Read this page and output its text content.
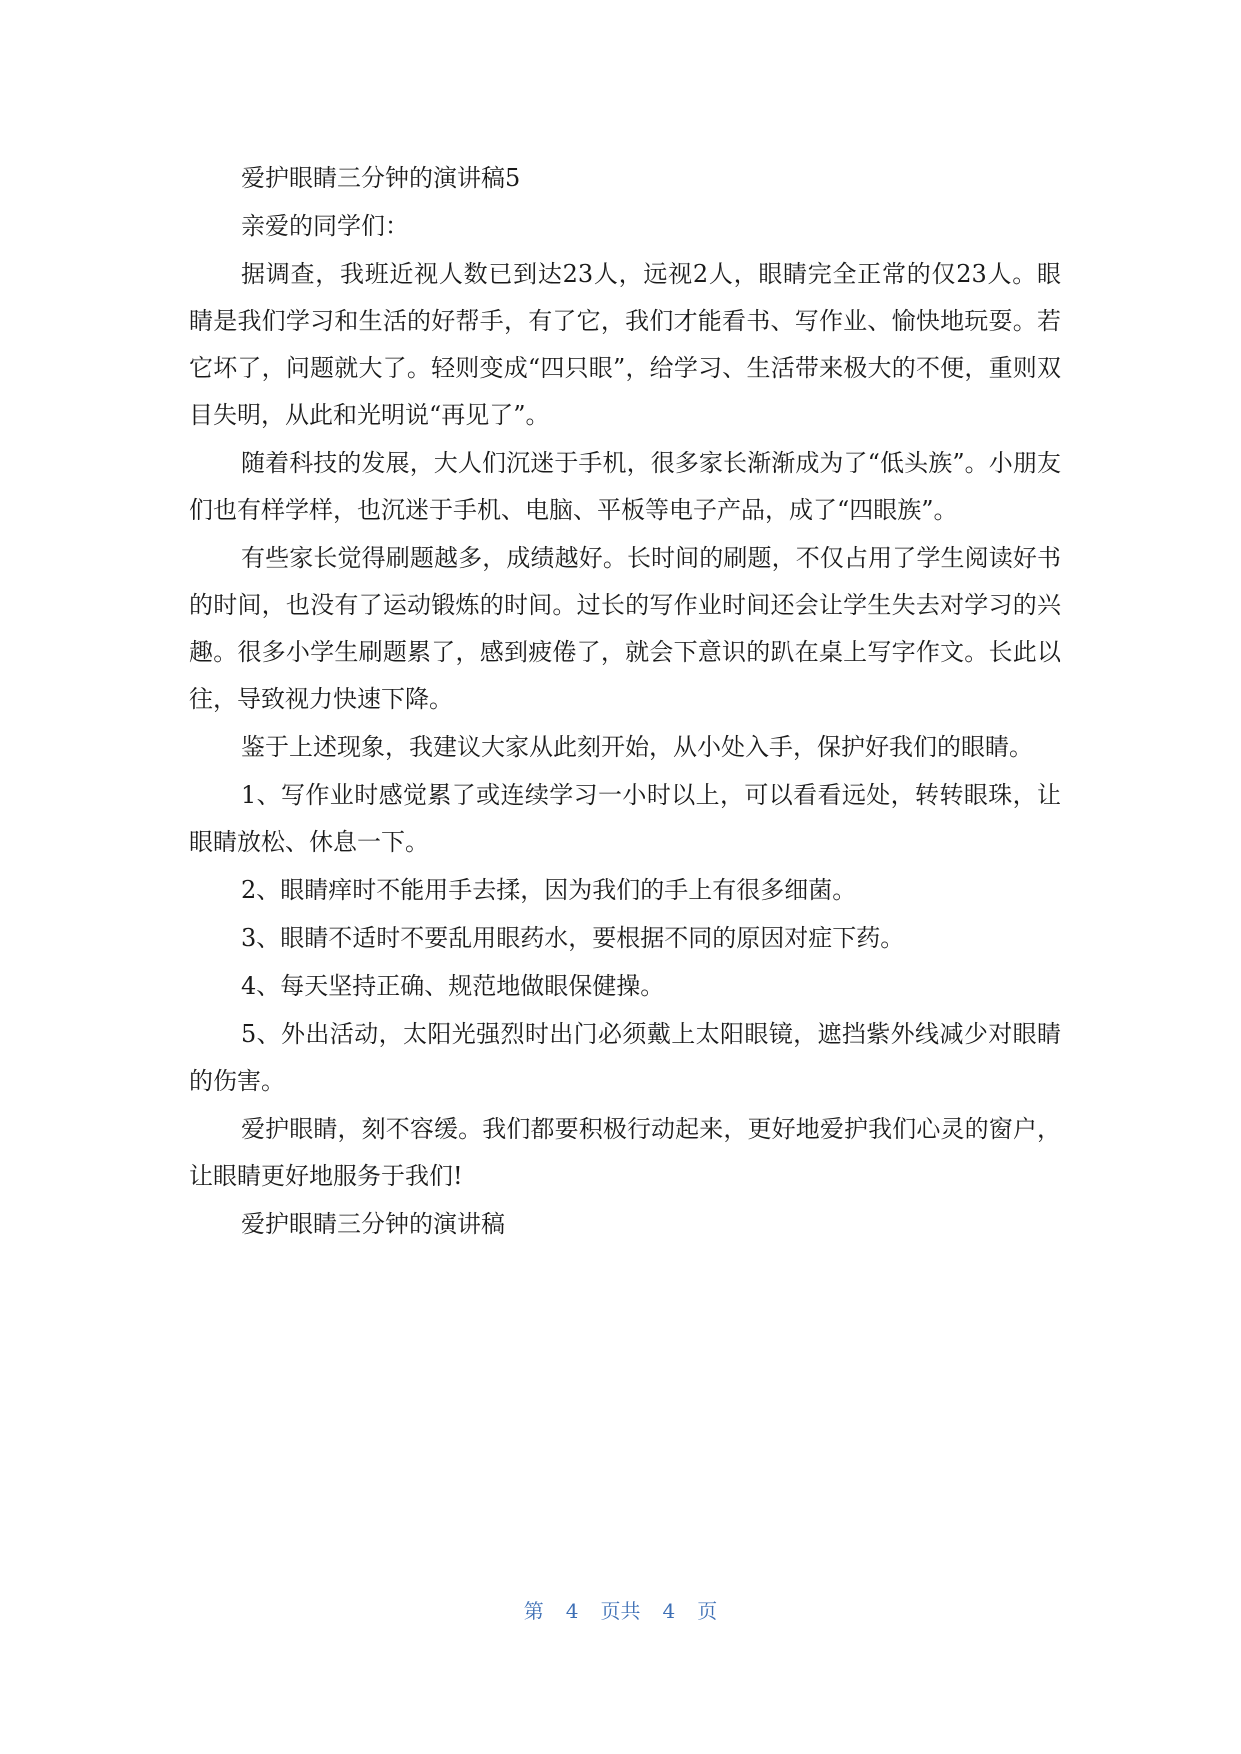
爱护眼睛三分钟的演讲稿5

亲爱的同学们：

据调查，我班近视人数已到达23人，远视2人，眼睛完全正常的仅23人。眼睛是我们学习和生活的好帮手，有了它，我们才能看书、写作业、愉快地玩耍。若它坏了，问题就大了。轻则变成“四只眼”，给学习、生活带来极大的不便，重则双目失明，从此和光明说“再见了”。

随着科技的发展，大人们沉迷于手机，很多家长渐渐成为了“低头族”。小朋友们也有样学样，也沉迷于手机、电脑、平板等电子产品，成了“四眼族”。

有些家长觉得刷题越多，成绩越好。长时间的刷题，不仅占用了学生阅读好书的时间，也没有了运动锻炼的时间。过长的写作业时间还会让学生失去对学习的兴趣。很多小学生刷题累了，感到疲倦了，就会下意识的趴在桌上写字作文。长此以往，导致视力快速下降。

鉴于上述现象，我建议大家从此刻开始，从小处入手，保护好我们的眼睛。

1、写作业时感觉累了或连续学习一小时以上，可以看看远处，转转眼珠，让眼睛放松、休息一下。

2、眼睛痒时不能用手去揉，因为我们的手上有很多细菌。

3、眼睛不适时不要乱用眼药水，要根据不同的原因对症下药。

4、每天坚持正确、规范地做眼保健操。

5、外出活动，太阳光强烈时出门必须戴上太阳眼镜，遮挡紫外线减少对眼睛的伤害。

爱护眼睛，刻不容缓。我们都要积极行动起来，更好地爱护我们心灵的窗户，让眼睛更好地服务于我们!

爱护眼睛三分钟的演讲稿

第 4 页共 4 页
